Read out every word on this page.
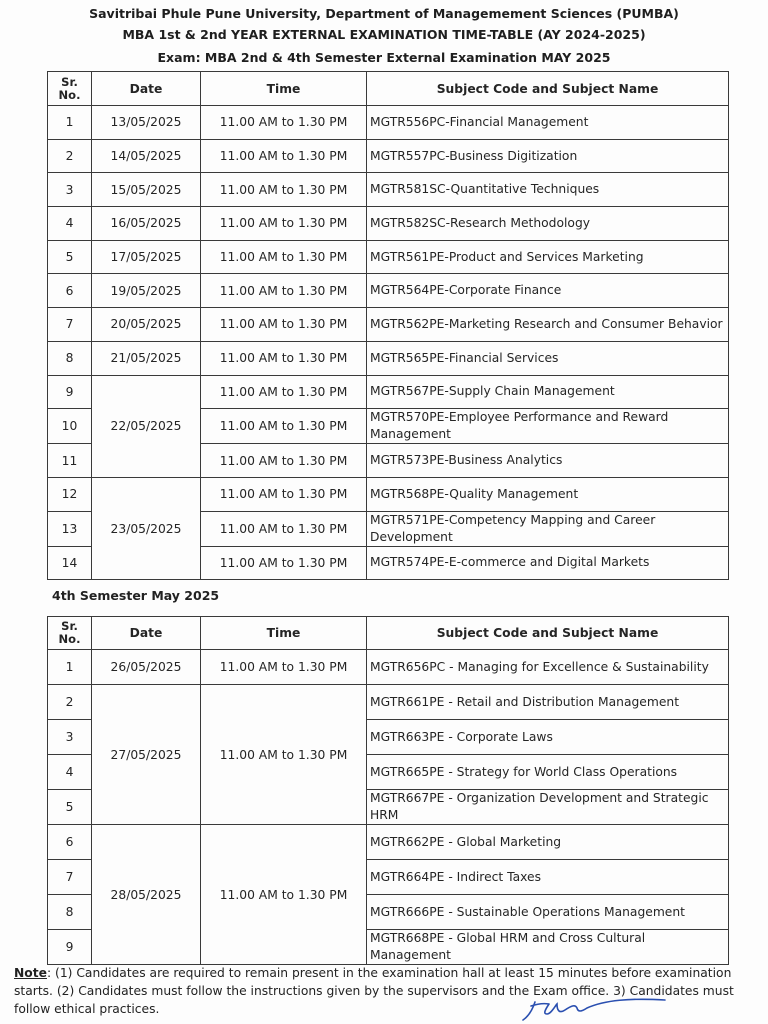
Savitribai Phule Pune University, Department of Managemement Sciences (PUMBA)
MBA 1st & 2nd YEAR EXTERNAL EXAMINATION TIME-TABLE (AY 2024-2025)
Exam: MBA 2nd & 4th Semester External Examination MAY 2025
Sr. No.	Date	Time	Subject Code and Subject Name
1	13/05/2025	11.00 AM to 1.30 PM	MGTR556PC-Financial Management
2	14/05/2025	11.00 AM to 1.30 PM	MGTR557PC-Business Digitization
3	15/05/2025	11.00 AM to 1.30 PM	MGTR581SC-Quantitative Techniques
4	16/05/2025	11.00 AM to 1.30 PM	MGTR582SC-Research Methodology
5	17/05/2025	11.00 AM to 1.30 PM	MGTR561PE-Product and Services Marketing
6	19/05/2025	11.00 AM to 1.30 PM	MGTR564PE-Corporate Finance
7	20/05/2025	11.00 AM to 1.30 PM	MGTR562PE-Marketing Research and Consumer Behavior
8	21/05/2025	11.00 AM to 1.30 PM	MGTR565PE-Financial Services
9	22/05/2025	11.00 AM to 1.30 PM	MGTR567PE-Supply Chain Management
10		11.00 AM to 1.30 PM	MGTR570PE-Employee Performance and Reward Management
11		11.00 AM to 1.30 PM	MGTR573PE-Business Analytics
12	23/05/2025	11.00 AM to 1.30 PM	MGTR568PE-Quality Management
13		11.00 AM to 1.30 PM	MGTR571PE-Competency Mapping and Career Development
14		11.00 AM to 1.30 PM	MGTR574PE-E-commerce and Digital Markets
4th Semester May 2025
Sr. No.	Date	Time	Subject Code and Subject Name
1	26/05/2025	11.00 AM to 1.30 PM	MGTR656PC - Managing for Excellence & Sustainability
2	27/05/2025	11.00 AM to 1.30 PM	MGTR661PE - Retail and Distribution Management
3			MGTR663PE - Corporate Laws
4			MGTR665PE - Strategy for World Class Operations
5			MGTR667PE - Organization Development and Strategic HRM
6	28/05/2025	11.00 AM to 1.30 PM	MGTR662PE - Global Marketing
7			MGTR664PE - Indirect Taxes
8			MGTR666PE - Sustainable Operations Management
9			MGTR668PE - Global HRM and Cross Cultural Management
Note: (1) Candidates are required to remain present in the examination hall at least 15 minutes before examination starts. (2) Candidates must follow the instructions given by the supervisors and the Exam office. 3) Candidates must follow ethical practices.
